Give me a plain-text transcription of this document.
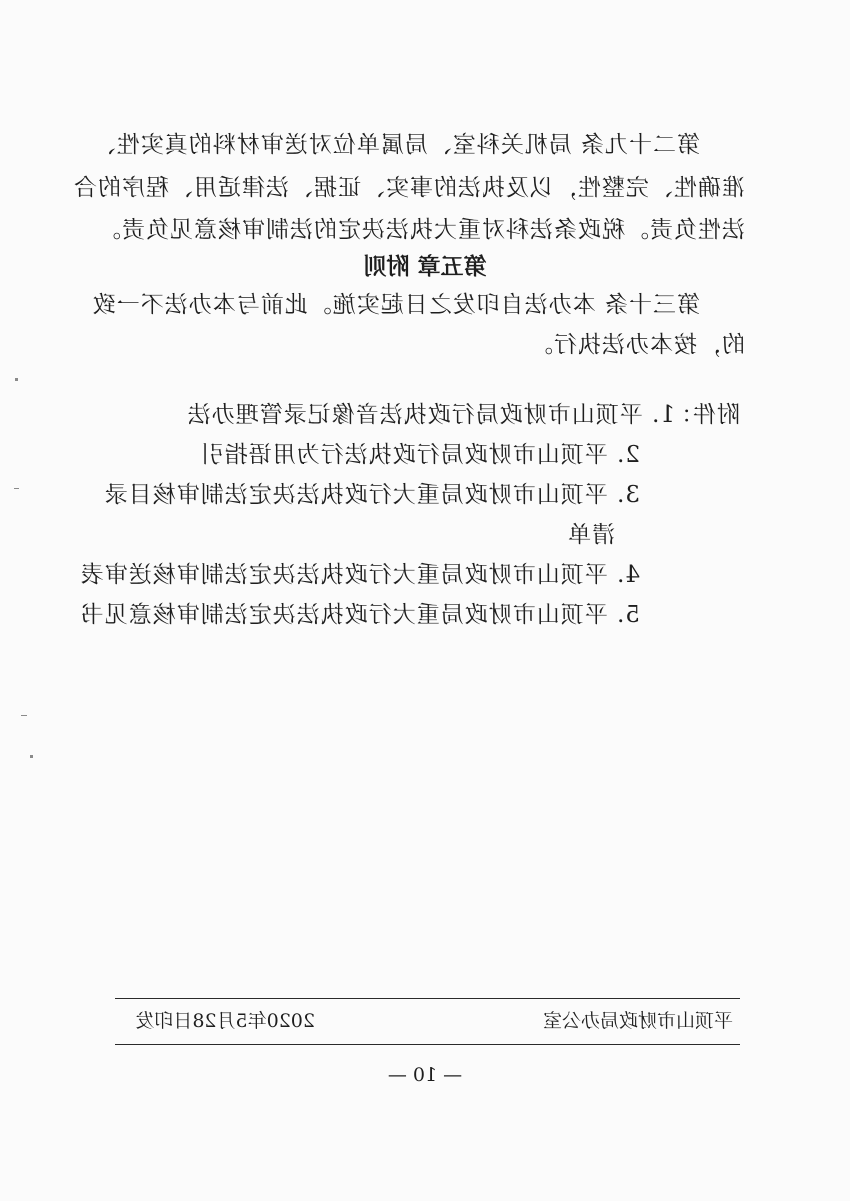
第二十九条 局机关科室、局属单位对送审材料的真实性、
准确性、完整性，以及执法的事实、证据、法律适用、程序的合
法性负责。税政条法科对重大执法决定的法制审核意见负责。
第五章 附则
第三十条 本办法自印发之日起实施。此前与本办法不一致
的，按本办法执行。
附件：
1. 平顶山市财政局行政执法音像记录管理办法
2. 平顶山市财政局行政执法行为用语指引
3. 平顶山市财政局重大行政执法决定法制审核目录
清单
4. 平顶山市财政局重大行政执法决定法制审核送审表
5. 平顶山市财政局重大行政执法决定法制审核意见书
平顶山市财政局办公室
2020年5月28日印发
— 10 —
